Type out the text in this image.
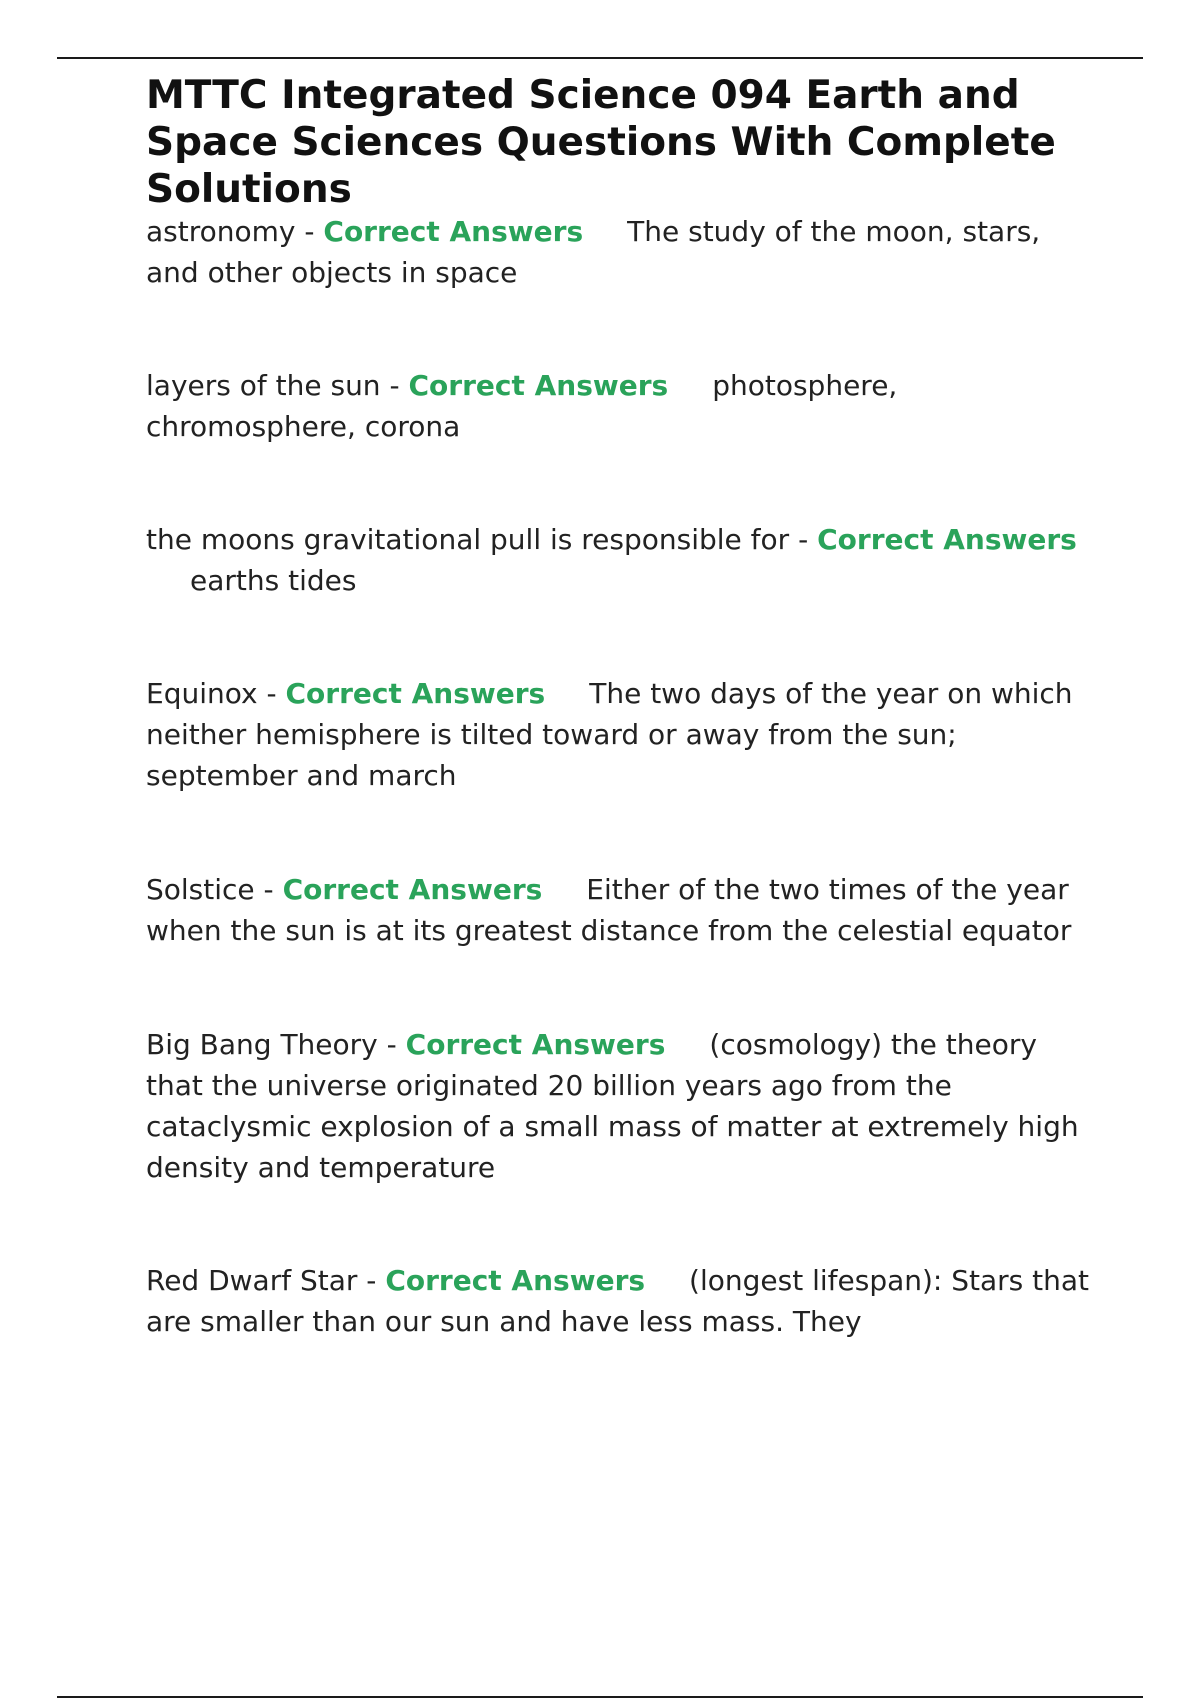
MTTC Integrated Science 094 Earth and Space Sciences Questions With Complete Solutions

astronomy - Correct Answers The study of the moon, stars, and other objects in space

layers of the sun - Correct Answers photosphere, chromosphere, corona

the moons gravitational pull is responsible for - Correct Answersearths tides

Equinox - Correct Answers The two days of the year on which neither hemisphere is tilted toward or away from the sun; september and march

Solstice - Correct Answers Either of the two times of the year when the sun is at its greatest distance from the celestial equator

Big Bang Theory - Correct Answers (cosmology) the theory that the universe originated 20 billion years ago from the cataclysmic explosion of a small mass of matter at extremely high density and temperature

Red Dwarf Star - Correct Answers (longest lifespan): Stars that are smaller than our sun and have less mass. They
